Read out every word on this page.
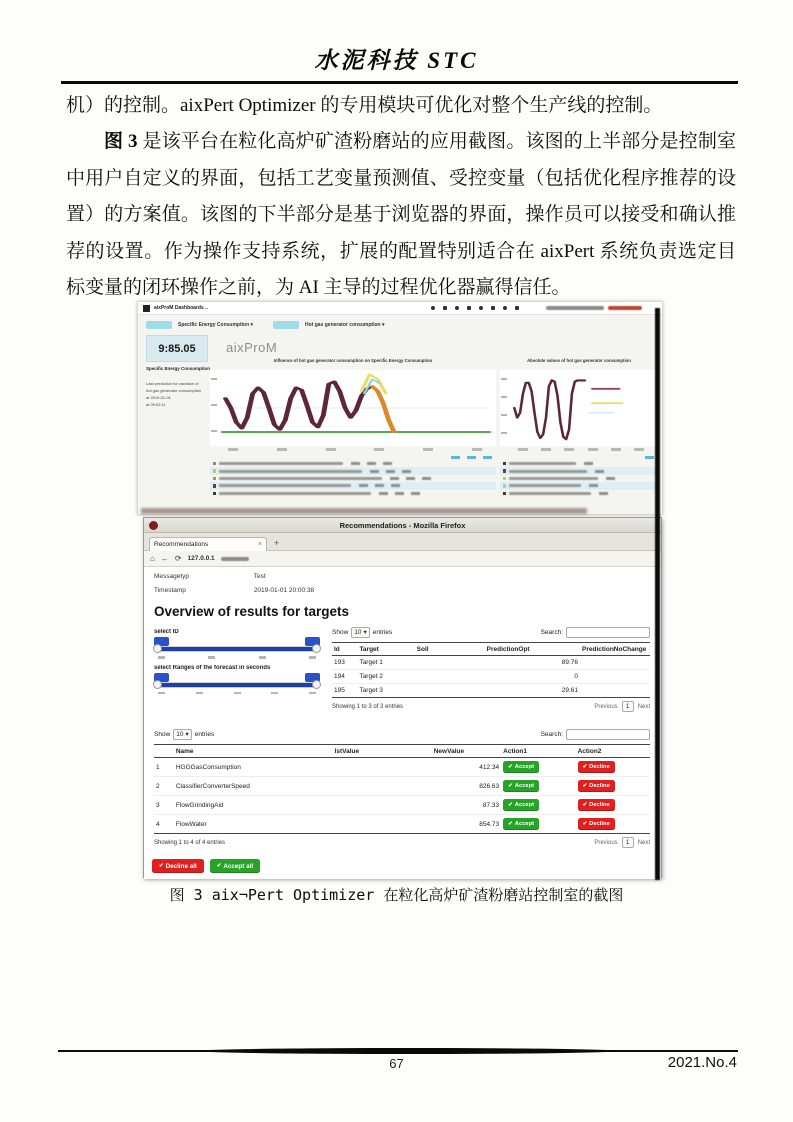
水泥科技 STC

机）的控制。aixPert Optimizer 的专用模块可优化对整个生产线的控制。

图 3 是该平台在粒化高炉矿渣粉磨站的应用截图。该图的上半部分是控制室中用户自定义的界面，包括工艺变量预测值、受控变量（包括优化程序推荐的设置）的方案值。该图的下半部分是基于浏览器的界面，操作员可以接受和确认推荐的设置。作为操作支持系统，扩展的配置特别适合在 aixPert 系统负责选定目标变量的闭环操作之前，为 AI 主导的过程优化器赢得信任。

aixProM Dashboards ..
Specific Energy Consumption ▾	Hot gas generator consumption ▾
9:85.05 aixProM
Specific Energy Consumption
Last prediction for variation of
hot gas generator consumption
at 2019-01-01
at 09:02:11
Influence of hot gas generator consumption on Specific Energy Consumption	Absolute values of hot gas generator consumption
Recommendations - Mozilla Firefox
Recommendations	× +
⌂ ← ⟳ 127.0.0.1
Messagetyp	Test
Timestamp	2019-01-01 20:00:38
Overview of results for targets
select ID
select Ranges of the forecast in seconds
Show 10 ▾ entries	Search:
Id	Target	Soll	PredictionOpt	PredictionNoChange
193	Target 1		89.76	
194	Target 2		0	
195	Target 3		29.61	
Showing 1 to 3 of 3 entries	Previous	1	Next
Show 10 ▾ entries	Search:
	Name	IstValue	NewValue	Action1	Action2
1	HGGGasConsumption		412.34	✔ Accept	✔ Decline

2	ClassifierConverterSpeed		826.63	✔ Accept	✔ Decline

3	FlowGrindingAid		87.33	✔ Accept	✔ Decline

4	FlowWater		854.73	✔ Accept	✔ Decline
Showing 1 to 4 of 4 entries	Previous	1	Next
✔ Decline all	✔ Accept all
图 3 aix¬Pert Optimizer 在粒化高炉矿渣粉磨站控制室的截图
67	2021.No.4
